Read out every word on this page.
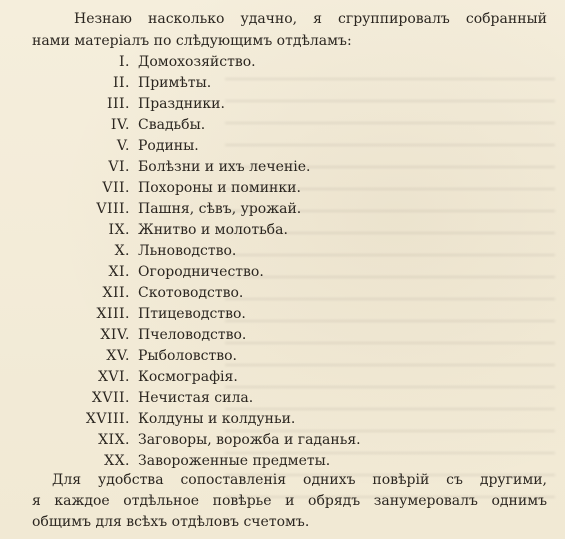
Незнаю насколько удачно, я сгруппировалъ собранный
нами матеріалъ по слѣдующимъ отдѣламъ:
I. Домохозяйство.
II. Примѣты.
III. Праздники.
IV. Свадьбы.
V. Родины.
VI. Болѣзни и ихъ леченіе.
VII. Похороны и поминки.
VIII. Пашня, сѣвъ, урожай.
IX. Жнитво и молотьба.
X. Льноводство.
XI. Огородничество.
XII. Скотоводство.
XIII. Птицеводство.
XIV. Пчеловодство.
XV. Рыболовство.
XVI. Космографія.
XVII. Нечистая сила.
XVIII. Колдуны и колдуньи.
XIX. Заговоры, ворожба и гаданья.
XX. Завороженные предметы.
Для удобства сопоставленія однихъ повѣрій съ другими,
я каждое отдѣльное повѣрье и обрядъ занумеровалъ однимъ
общимъ для всѣхъ отдѣловъ счетомъ.
